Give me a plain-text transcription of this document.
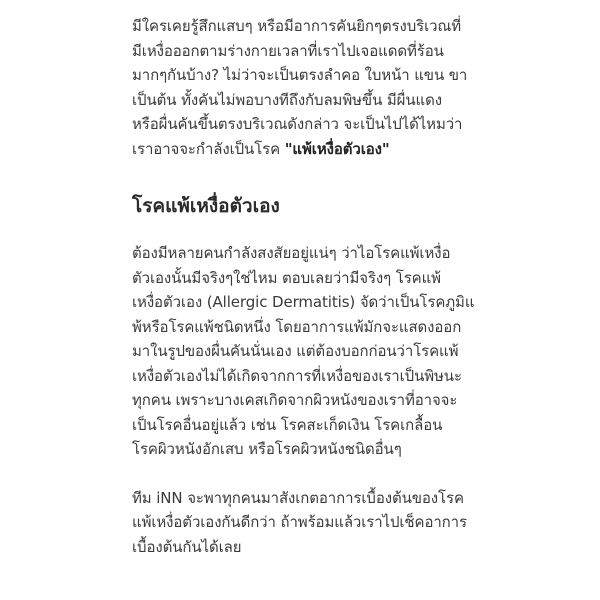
มีใครเคยรู้สึกแสบๆ หรือมีอาการคันยิกๆตรงบริเวณที่
มีเหงื่อออกตามร่างกายเวลาที่เราไปเจอแดดที่ร้อน
มากๆกันบ้าง? ไม่ว่าจะเป็นตรงลำคอ ใบหน้า แขน ขา
เป็นต้น ทั้งคันไม่พอบางทีถึงกับลมพิษขึ้น มีผื่นแดง
หรือผื่นคันขึ้นตรงบริเวณดังกล่าว จะเป็นไปได้ไหมว่า
เราอาจจะกำลังเป็นโรค "แพ้เหงื่อตัวเอง"

โรคแพ้เหงื่อตัวเอง

ต้องมีหลายคนกำลังสงสัยอยู่แน่ๆ ว่าไอโรคแพ้เหงื่อ
ตัวเองนั้นมีจริงๆใช่ไหม ตอบเลยว่ามีจริงๆ โรคแพ้
เหงื่อตัวเอง (Allergic Dermatitis) จัดว่าเป็นโรคภูมิแ
พ้หรือโรคแพ้ชนิดหนึ่ง โดยอาการแพ้มักจะแสดงออก
มาในรูปของผื่นคันนั่นเอง แต่ต้องบอกก่อนว่าโรคแพ้
เหงื่อตัวเองไม่ได้เกิดจากการที่เหงื่อของเราเป็นพิษนะ
ทุกคน เพราะบางเคสเกิดจากผิวหนังของเราที่อาจจะ
เป็นโรคอื่นอยู่แล้ว เช่น โรคสะเก็ดเงิน โรคเกลื้อน
โรคผิวหนังอักเสบ หรือโรคผิวหนังชนิดอื่นๆ

ทีม iNN จะพาทุกคนมาสังเกตอาการเบื้องต้นของโรค
แพ้เหงื่อตัวเองกันดีกว่า ถ้าพร้อมแล้วเราไปเช็คอาการ
เบื้องต้นกันได้เลย
